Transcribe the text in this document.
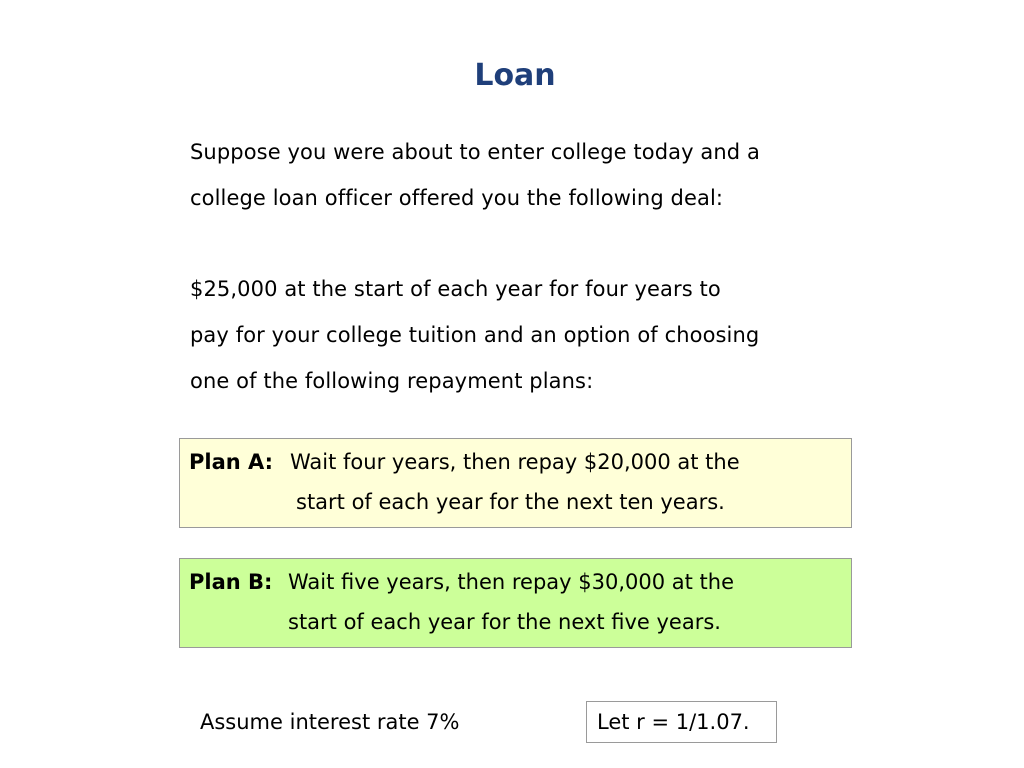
Loan
Suppose you were about to enter college today and a
college loan officer offered you the following deal:
$25,000 at the start of each year for four years to
pay for your college tuition and an option of choosing
one of the following repayment plans:
Plan A: Wait four years, then repay $20,000 at the
start of each year for the next ten years.
Plan B: Wait five years, then repay $30,000 at the
start of each year for the next five years.
Assume interest rate 7%	Let r = 1/1.07.
